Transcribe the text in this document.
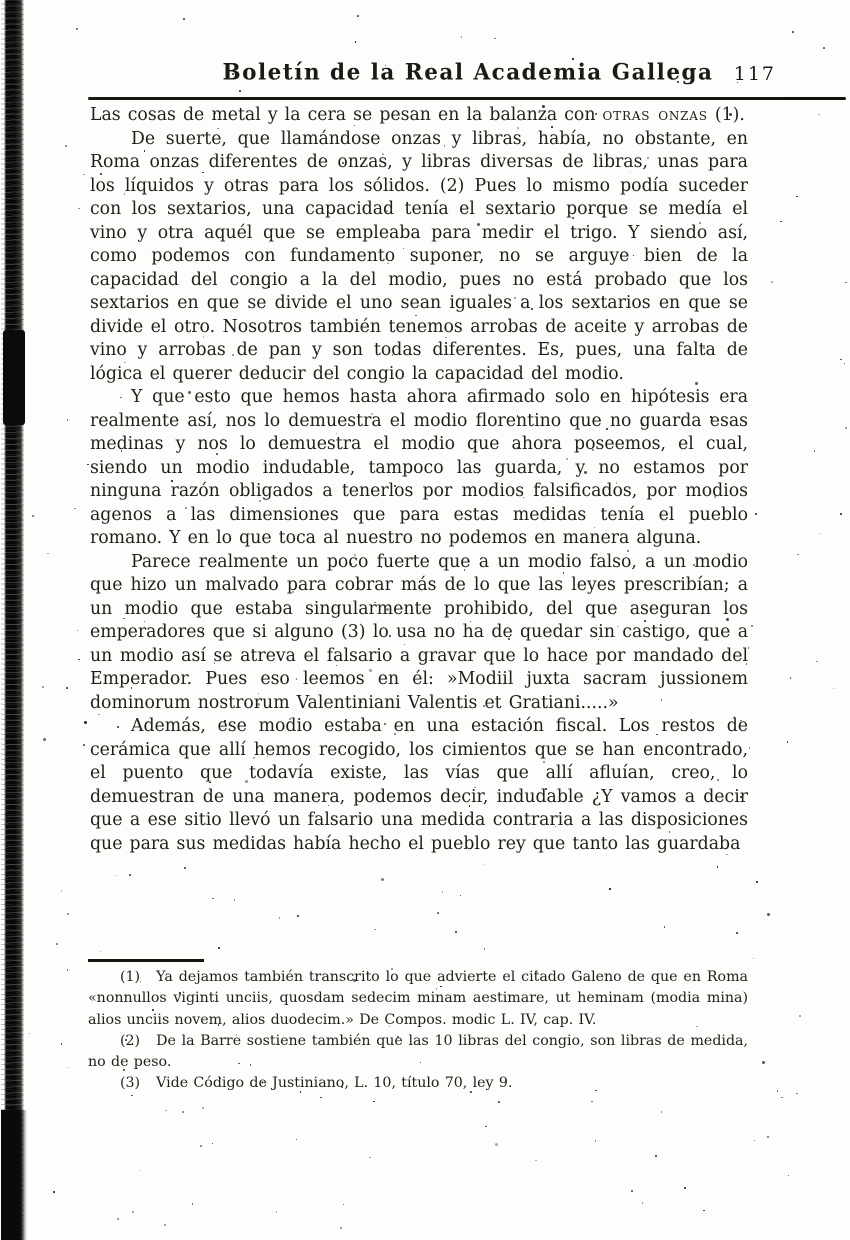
Boletín de la Real Academia Gallega	117

Las cosas de metal y la cera se pesan en la balanza con otras onzas (1).

De suerte, que llamándose onzas y libras, había, no obstante, en Roma onzas diferentes de onzas, y libras diversas de libras, unas para los líquidos y otras para los sólidos. (2) Pues lo mismo podía suceder con los sextarios, una capacidad tenía el sextario porque se medía el vino y otra aquél que se empleaba para medir el trigo. Y siendo así, como podemos con fundamento suponer, no se arguye bien de la capacidad del congio a la del modio, pues no está probado que los sextarios en que se divide el uno sean iguales a los sextarios en que se divide el otro. Nosotros también tenemos arrobas de aceite y arrobas de vino y arrobas de pan y son todas diferentes. Es, pues, una falta de lógica el querer deducir del congio la capacidad del modio.

Y que esto que hemos hasta ahora afirmado solo en hipótesis era realmente así, nos lo demuestra el modio florentino que no guarda esas medinas y nos lo demuestra el modio que ahora poseemos, el cual, siendo un modio indudable, tampoco las guarda, y no estamos por ninguna razón obligados a tenerlos por modios falsificados, por modios agenos a las dimensiones que para estas medidas tenía el pueblo romano. Y en lo que toca al nuestro no podemos en manera alguna.

Parece realmente un poco fuerte que a un modio falso, a un modio que hizo un malvado para cobrar más de lo que las leyes prescribían; a un modio que estaba singularmente prohibido, del que aseguran los emperadores que si alguno (3) lo usa no ha de quedar sin castigo, que a un modio así se atreva el falsario a gravar que lo hace por mandado del Emperador. Pues eso leemos en él: »Modiil juxta sacram jussionem dominorum nostrorum Valentiniani Valentis et Gratiani.....»

Además, ese modio estaba en una estación fiscal. Los restos de cerámica que allí hemos recogido, los cimientos que se han encontrado, el puento que todavía existe, las vías que allí afluían, creo, lo demuestran de una manera, podemos decir, indudable ¿Y vamos a decir que a ese sitio llevó un falsario una medida contraria a las disposiciones que para sus medidas había hecho el pueblo rey que tanto las guardaba

(1) Ya dejamos también transcrito lo que advierte el citado Galeno de que en Roma «nonnullos viginti unciis, quosdam sedecim minam aestimare, ut heminam (modia mina) alios unciis novem, alios duodecim.» De Compos. modic L. IV, cap. IV.

(2) De la Barre sostiene también que las 10 libras del congio, son libras de medida, no de peso.

(3) Vide Código de Justiniano, L. 10, título 70, ley 9.
